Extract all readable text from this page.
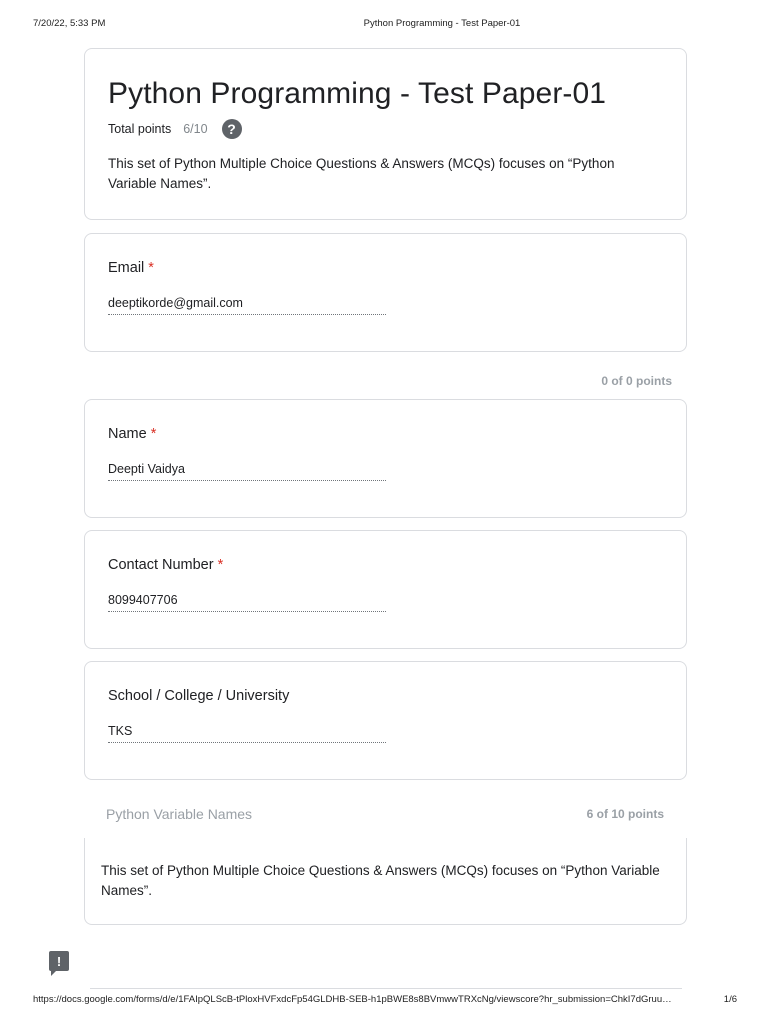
7/20/22, 5:33 PM	Python Programming - Test Paper-01
Python Programming - Test Paper-01
Total points 6/10	?
This set of Python Multiple Choice Questions & Answers (MCQs) focuses on “Python Variable Names”.
Email *
deeptikorde@gmail.com
0 of 0 points
Name *
Deepti Vaidya
Contact Number *
8099407706
School / College / University
TKS
Python Variable Names	6 of 10 points
This set of Python Multiple Choice Questions & Answers (MCQs) focuses on “Python Variable Names”.
!
https://docs.google.com/forms/d/e/1FAIpQLScB-tPloxHVFxdcFp54GLDHB-SEB-h1pBWE8s8BVmwwTRXcNg/viewscore?hr_submission=ChkI7dGruu…	1/6
